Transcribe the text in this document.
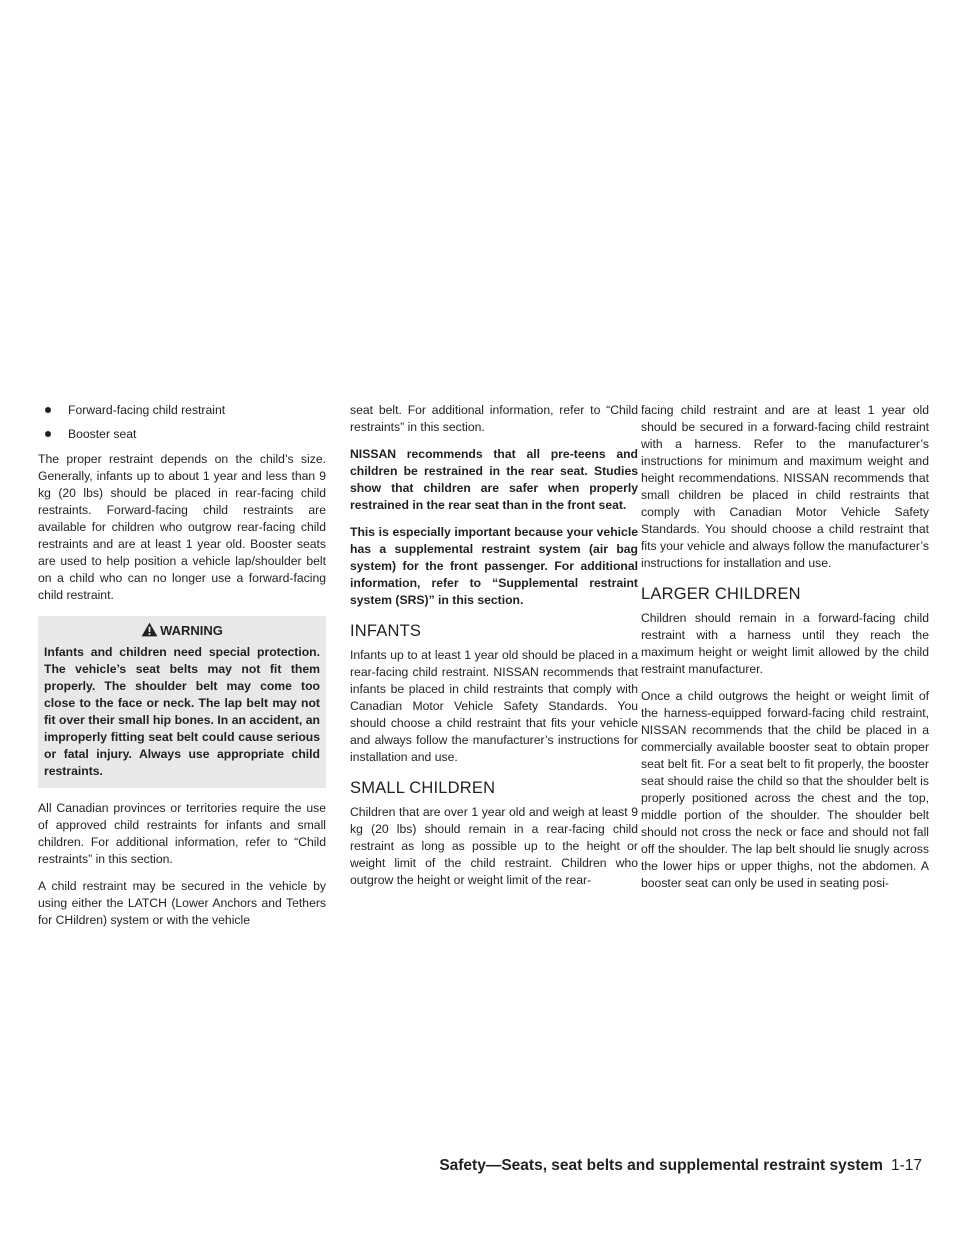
Forward-facing child restraint
Booster seat

The proper restraint depends on the child’s size. Generally, infants up to about 1 year and less than 9 kg (20 lbs) should be placed in rear-facing child restraints. Forward-facing child restraints are available for children who outgrow rear-facing child restraints and are at least 1 year old. Booster seats are used to help position a vehicle lap/shoulder belt on a child who can no longer use a forward-facing child restraint.

WARNING
Infants and children need special protection. The vehicle’s seat belts may not fit them properly. The shoulder belt may come too close to the face or neck. The lap belt may not fit over their small hip bones. In an accident, an improperly fitting seat belt could cause serious or fatal injury. Always use appropriate child restraints.

All Canadian provinces or territories require the use of approved child restraints for infants and small children. For additional information, refer to “Child restraints” in this section.

A child restraint may be secured in the vehicle by using either the LATCH (Lower Anchors and Tethers for CHildren) system or with the vehicle

seat belt. For additional information, refer to “Child restraints” in this section.

NISSAN recommends that all pre-teens and children be restrained in the rear seat. Studies show that children are safer when properly restrained in the rear seat than in the front seat.

This is especially important because your vehicle has a supplemental restraint system (air bag system) for the front passenger. For additional information, refer to “Supplemental restraint system (SRS)” in this section.

INFANTS

Infants up to at least 1 year old should be placed in a rear-facing child restraint. NISSAN recommends that infants be placed in child restraints that comply with Canadian Motor Vehicle Safety Standards. You should choose a child restraint that fits your vehicle and always follow the manufacturer’s instructions for installation and use.

SMALL CHILDREN

Children that are over 1 year old and weigh at least 9 kg (20 lbs) should remain in a rear-facing child restraint as long as possible up to the height or weight limit of the child restraint. Children who outgrow the height or weight limit of the rear-

facing child restraint and are at least 1 year old should be secured in a forward-facing child restraint with a harness. Refer to the manufacturer’s instructions for minimum and maximum weight and height recommendations. NISSAN recommends that small children be placed in child restraints that comply with Canadian Motor Vehicle Safety Standards. You should choose a child restraint that fits your vehicle and always follow the manufacturer’s instructions for installation and use.

LARGER CHILDREN

Children should remain in a forward-facing child restraint with a harness until they reach the maximum height or weight limit allowed by the child restraint manufacturer.

Once a child outgrows the height or weight limit of the harness-equipped forward-facing child restraint, NISSAN recommends that the child be placed in a commercially available booster seat to obtain proper seat belt fit. For a seat belt to fit properly, the booster seat should raise the child so that the shoulder belt is properly positioned across the chest and the top, middle portion of the shoulder. The shoulder belt should not cross the neck or face and should not fall off the shoulder. The lap belt should lie snugly across the lower hips or upper thighs, not the abdomen. A booster seat can only be used in seating posi-

Safety—Seats, seat belts and supplemental restraint system 1-17
